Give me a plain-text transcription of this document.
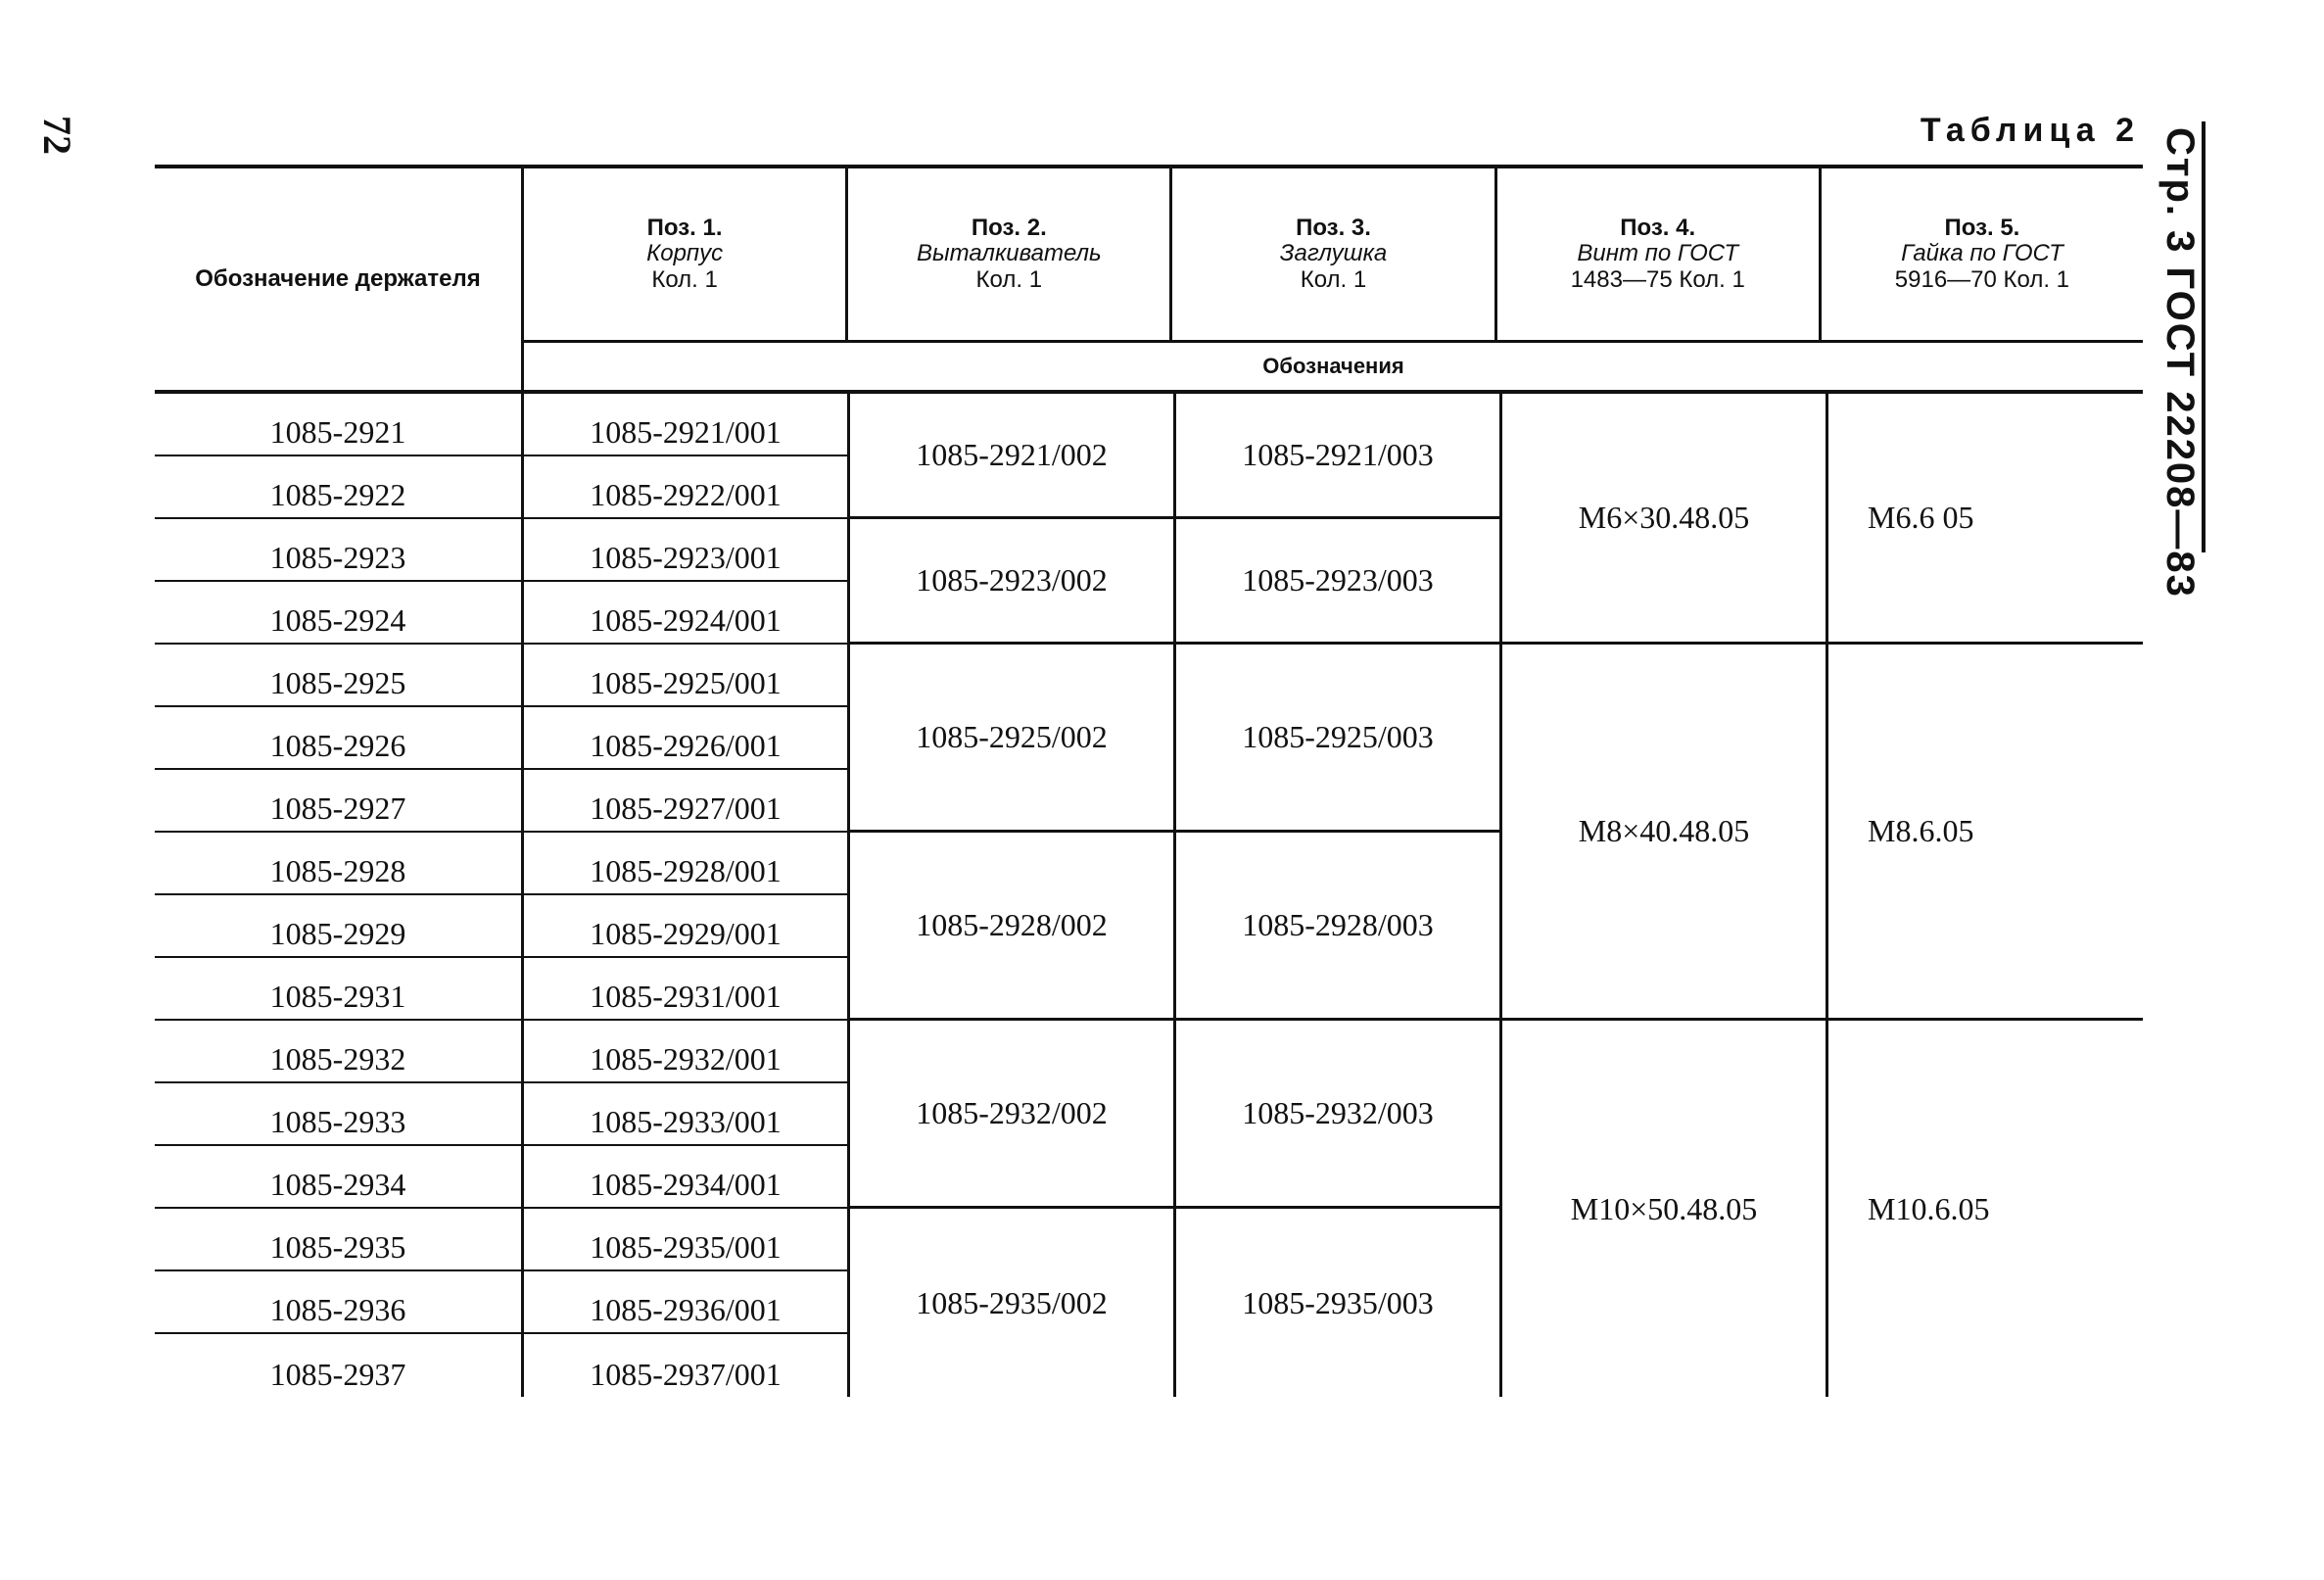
72	Стр. 3 ГОСТ 22208—83
Таблица 2
Обозначение держателя
Поз. 1.
Корпус
Кол. 1
Поз. 2.
Выталкиватель
Кол. 1
Поз. 3.
Заглушка
Кол. 1
Поз. 4.
Винт по ГОСТ
1483—75 Кол. 1
Поз. 5.
Гайка по ГОСТ
5916—70 Кол. 1
Обозначения
1085-2921
1085-2922
1085-2923
1085-2924
1085-2925
1085-2926
1085-2927
1085-2928
1085-2929
1085-2931
1085-2932
1085-2933
1085-2934
1085-2935
1085-2936
1085-2937
1085-2921/001
1085-2922/001
1085-2923/001
1085-2924/001
1085-2925/001
1085-2926/001
1085-2927/001
1085-2928/001
1085-2929/001
1085-2931/001
1085-2932/001
1085-2933/001
1085-2934/001
1085-2935/001
1085-2936/001
1085-2937/001
1085-2921/002
1085-2923/002
1085-2925/002
1085-2928/002
1085-2932/002
1085-2935/002
1085-2921/003
1085-2923/003
1085-2925/003
1085-2928/003
1085-2932/003
1085-2935/003
M6×30.48.05
M8×40.48.05
M10×50.48.05
M6.6 05
M8.6.05
M10.6.05
